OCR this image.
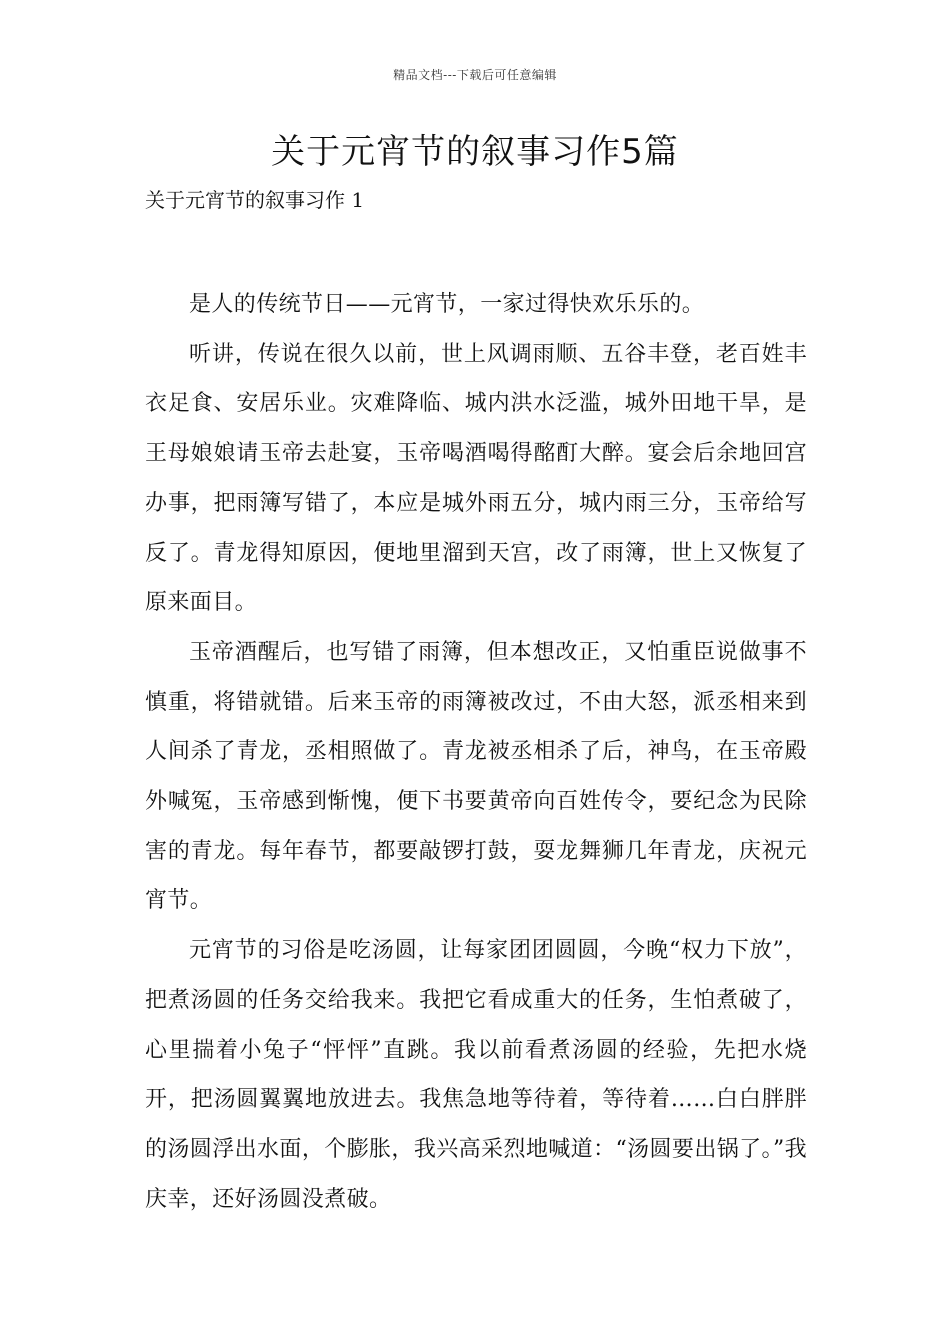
精品文档---下载后可任意编辑
关于元宵节的叙事习作5篇
关于元宵节的叙事习作 1

是人的传统节日——元宵节，一家过得快欢乐乐的。

听讲，传说在很久以前，世上风调雨顺、五谷丰登，老百姓丰衣足食、安居乐业。灾难降临、城内洪水泛滥，城外田地干旱，是王母娘娘请玉帝去赴宴，玉帝喝酒喝得酩酊大醉。宴会后余地回宫办事，把雨簿写错了，本应是城外雨五分，城内雨三分，玉帝给写反了。青龙得知原因，便地里溜到天宫，改了雨簿，世上又恢复了原来面目。

玉帝酒醒后，也写错了雨簿，但本想改正，又怕重臣说做事不慎重，将错就错。后来玉帝的雨簿被改过，不由大怒，派丞相来到人间杀了青龙，丞相照做了。青龙被丞相杀了后，神鸟，在玉帝殿外喊冤，玉帝感到惭愧，便下书要黄帝向百姓传令，要纪念为民除害的青龙。每年春节，都要敲锣打鼓，耍龙舞狮几年青龙，庆祝元宵节。

元宵节的习俗是吃汤圆，让每家团团圆圆，今晚“权力下放”，把煮汤圆的任务交给我来。我把它看成重大的任务，生怕煮破了，心里揣着小兔子“怦怦”直跳。我以前看煮汤圆的经验，先把水烧开，把汤圆翼翼地放进去。我焦急地等待着，等待着……白白胖胖的汤圆浮出水面，个膨胀，我兴高采烈地喊道：“汤圆要出锅了。”我庆幸，还好汤圆没煮破。
